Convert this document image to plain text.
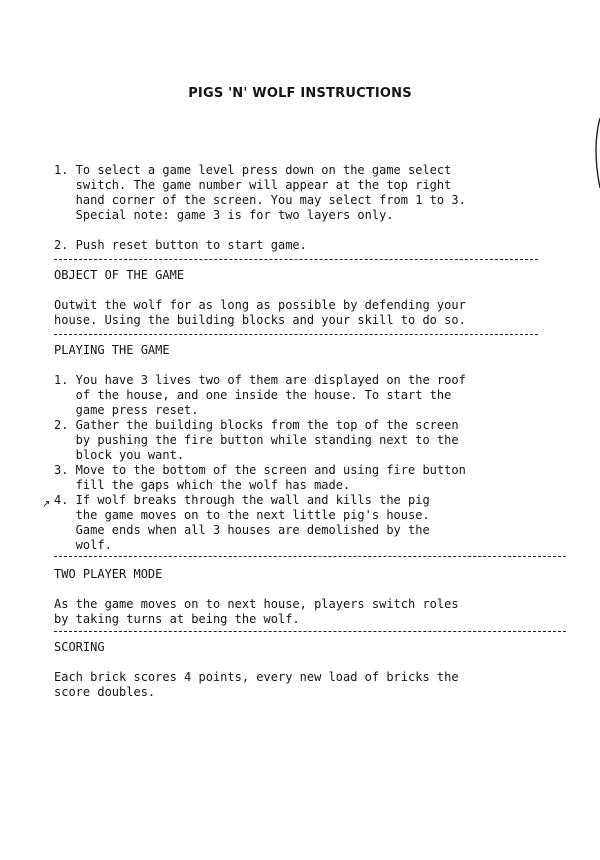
PIGS 'N' WOLF INSTRUCTIONS
1. To select a game level press down on the game select
switch. The game number will appear at the top right
hand corner of the screen. You may select from 1 to 3.
Special note: game 3 is for two layers only.
2. Push reset button to start game.
OBJECT OF THE GAME
Outwit the wolf for as long as possible by defending your
house. Using the building blocks and your skill to do so.
PLAYING THE GAME
1. You have 3 lives two of them are displayed on the roof
of the house, and one inside the house. To start the
game press reset.
2. Gather the building blocks from the top of the screen
by pushing the fire button while standing next to the
block you want.
3. Move to the bottom of the screen and using fire button
fill the gaps which the wolf has made.
4. If wolf breaks through the wall and kills the pig
the game moves on to the next little pig's house.
Game ends when all 3 houses are demolished by the
wolf.
↗
TWO PLAYER MODE
As the game moves on to next house, players switch roles
by taking turns at being the wolf.
SCORING
Each brick scores 4 points, every new load of bricks the
score doubles.
